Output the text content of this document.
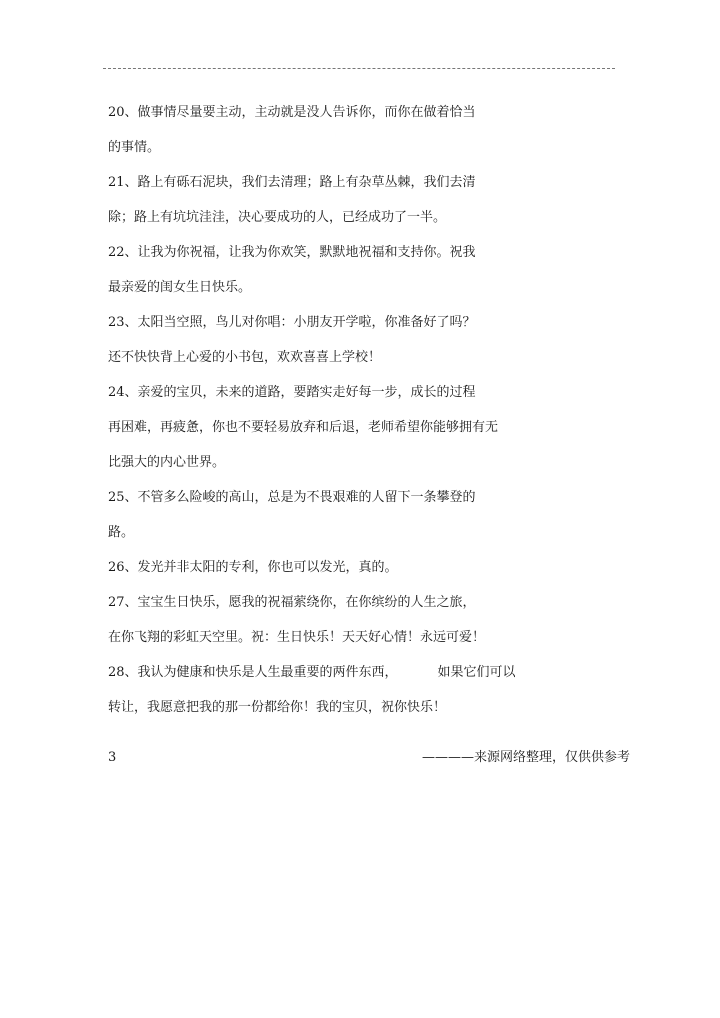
20、做事情尽量要主动，主动就是没人告诉你，而你在做着恰当
的事情。
21、路上有砾石泥块，我们去清理；路上有杂草丛棘，我们去清
除；路上有坑坑洼洼，决心要成功的人，已经成功了一半。
22、让我为你祝福，让我为你欢笑，默默地祝福和支持你。祝我
最亲爱的闺女生日快乐。
23、太阳当空照，鸟儿对你唱：小朋友开学啦，你准备好了吗？
还不快快背上心爱的小书包，欢欢喜喜上学校！
24、亲爱的宝贝，未来的道路，要踏实走好每一步，成长的过程
再困难，再疲惫，你也不要轻易放弃和后退，老师希望你能够拥有无
比强大的内心世界。
25、不管多么险峻的高山，总是为不畏艰难的人留下一条攀登的
路。
26、发光并非太阳的专利，你也可以发光，真的。
27、宝宝生日快乐，愿我的祝福萦绕你，在你缤纷的人生之旅，
在你飞翔的彩虹天空里。祝：生日快乐！天天好心情！永远可爱！
28、我认为健康和快乐是人生最重要的两件东西，	如果它们可以
转让，我愿意把我的那一份都给你！我的宝贝，祝你快乐！
3	————来源网络整理，仅供供参考
